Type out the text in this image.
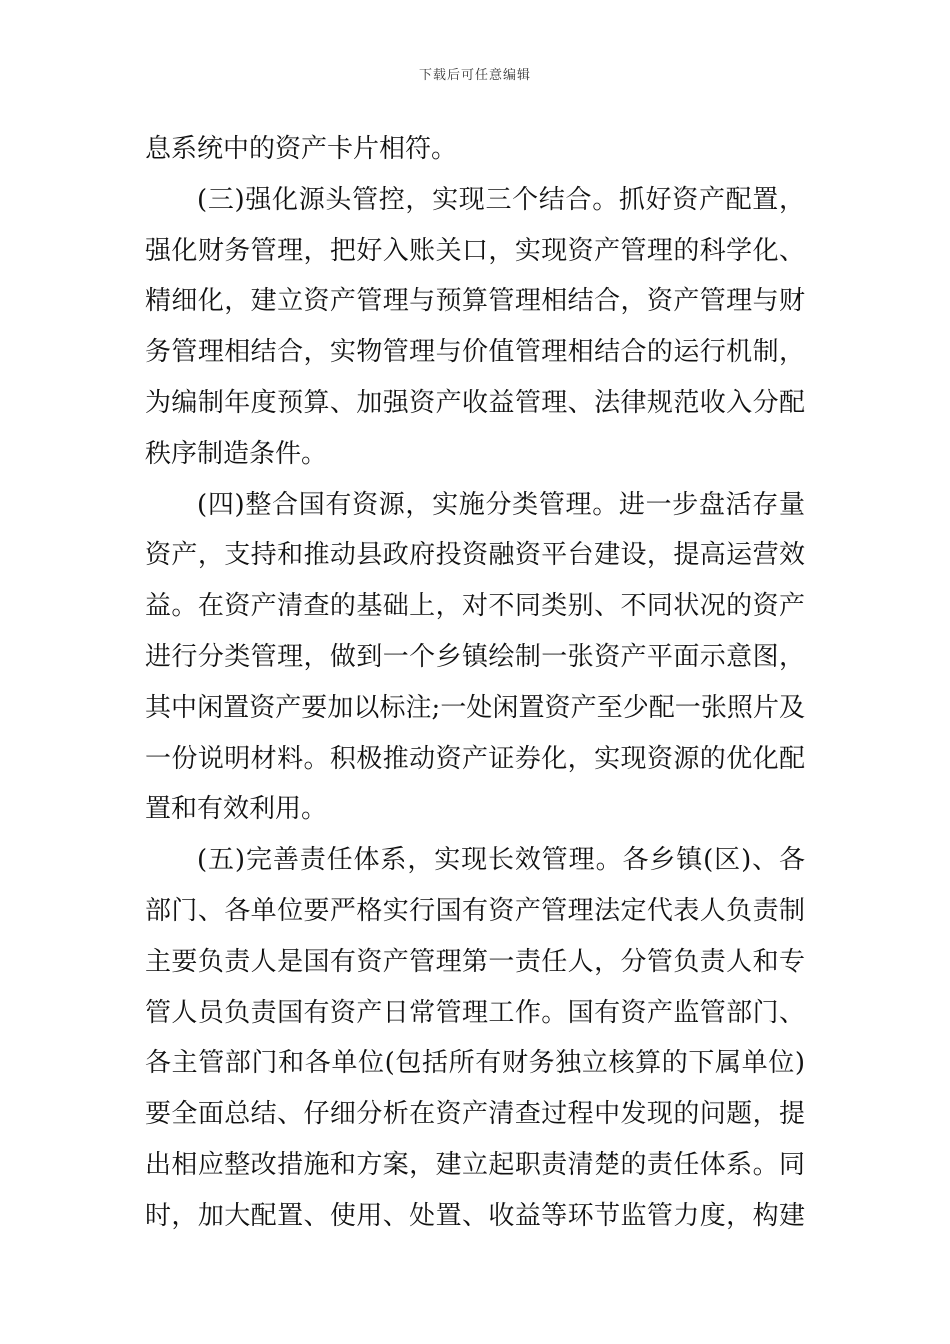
下载后可任意编辑
息系统中的资产卡片相符。
(三)强化源头管控，实现三个结合。抓好资产配置，
强化财务管理，把好入账关口，实现资产管理的科学化、
精细化，建立资产管理与预算管理相结合，资产管理与财
务管理相结合，实物管理与价值管理相结合的运行机制，
为编制年度预算、加强资产收益管理、法律规范收入分配
秩序制造条件。
(四)整合国有资源，实施分类管理。进一步盘活存量
资产，支持和推动县政府投资融资平台建设，提高运营效
益。在资产清查的基础上，对不同类别、不同状况的资产
进行分类管理，做到一个乡镇绘制一张资产平面示意图，
其中闲置资产要加以标注;一处闲置资产至少配一张照片及
一份说明材料。积极推动资产证券化，实现资源的优化配
置和有效利用。
(五)完善责任体系，实现长效管理。各乡镇(区)、各
部门、各单位要严格实行国有资产管理法定代表人负责制
主要负责人是国有资产管理第一责任人，分管负责人和专
管人员负责国有资产日常管理工作。国有资产监管部门、
各主管部门和各单位(包括所有财务独立核算的下属单位)
要全面总结、仔细分析在资产清查过程中发现的问题，提
出相应整改措施和方案，建立起职责清楚的责任体系。同
时，加大配置、使用、处置、收益等环节监管力度，构建
